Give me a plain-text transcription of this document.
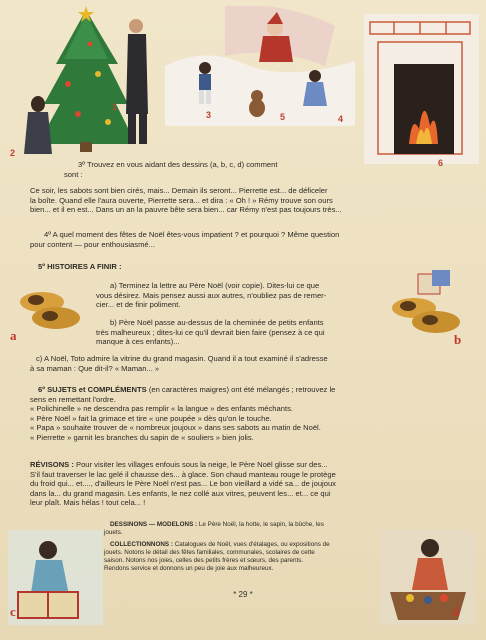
1
2
3	5	4
6
3º Trouvez en vous aidant des dessins (a, b, c, d) comment
sont :
Ce soir, les sabots sont bien cirés, mais... Demain ils seront... Pierrette est... de déficeler
la boîte. Quand elle l'aura ouverte, Pierrette sera... et dira : « Oh ! » Rémy trouve son ours
bien... et il en est... Dans un an la pauvre bête sera bien... car Rémy n'est pas toujours très...
4º A quel moment des fêtes de Noël êtes-vous impatient ? et pourquoi ? Même question
pour content — pour enthousiasmé...
5º HISTOIRES A FINIR :
a	b
a) Terminez la lettre au Père Noël (voir copie). Dites-lui ce que
vous désirez. Mais pensez aussi aux autres, n'oubliez pas de remer-
cier... et de finir poliment.
b) Père Noël passe au-dessus de la cheminée de petits enfants
très malheureux ; dites-lui ce qu'il devrait bien faire (pensez à ce qui
manque à ces enfants)...
c) A Noël, Toto admire la vitrine du grand magasin. Quand il a tout examiné il s'adresse
à sa maman : Que dit-il? « Maman... »
6º SUJETS et COMPLÉMENTS (en caractères maigres) ont été mélangés ; retrouvez le
sens en remettant l'ordre.
« Polichinelle » ne descendra pas remplir « la langue » des enfants méchants.
« Père Noël » fait la grimace et tire « une poupée » dès qu'on le touche.
« Papa » souhaite trouver de « nombreux joujoux » dans ses sabots au matin de Noël.
« Pierrette » garnit les branches du sapin de « souliers » bien jolis.
RÉVISONS : Pour visiter les villages enfouis sous la neige, le Père Noël glisse sur des...
S'il faut traverser le lac gelé il chausse des... à glace. Son chaud manteau rouge le protège
du froid qui... et...., d'ailleurs le Père Noël n'est pas... Le bon vieillard a vidé sa... de joujoux
dans la... du grand magasin. Les enfants, le nez collé aux vitres, peuvent les... et... ce qui
leur plaît. Mais hélas ! tout cela... !
c	d
DESSINONS — MODELONS : Le Père Noël, la hotte, le sapin, la bûche, les
jouets.
COLLECTIONNONS : Catalogues de Noël, vues d'étalages, ou expositions de
jouets. Notons le détail des fêtes familiales, communales, scolaires de cette
saison. Notons nos joies, celles des petits frères et sœurs, des parents.
Rendons service et donnons un peu de joie aux malheureux.
* 29 *
